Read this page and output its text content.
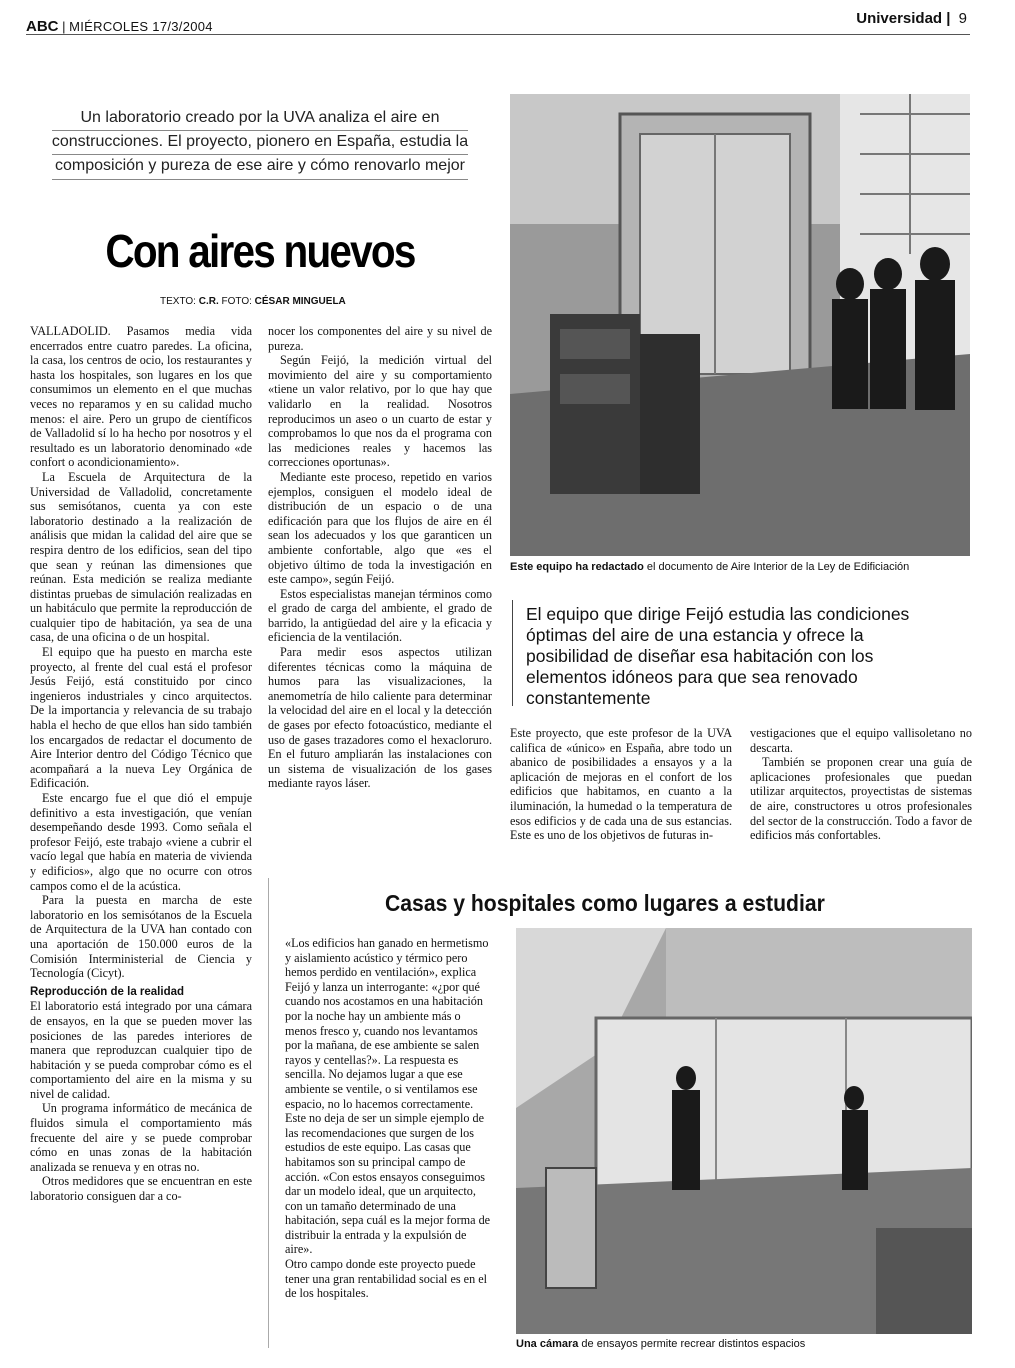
ABC | MIÉRCOLES 17/3/2004	Universidad | 9
Un laboratorio creado por la UVA analiza el aire en
construcciones. El proyecto, pionero en España, estudia la
composición y pureza de ese aire y cómo renovarlo mejor
Con aires nuevos
TEXTO: C.R. FOTO: CÉSAR MINGUELA

VALLADOLID. Pasamos media vida encerrados entre cuatro paredes. La oficina, la casa, los centros de ocio, los restaurantes y hasta los hospitales, son lugares en los que consumimos un elemento en el que muchas veces no reparamos y en su calidad mucho menos: el aire. Pero un grupo de científicos de Valladolid sí lo ha hecho por nosotros y el resultado es un laboratorio denominado «de confort o acondicionamiento».

La Escuela de Arquitectura de la Universidad de Valladolid, concretamente sus semisótanos, cuenta ya con este laboratorio destinado a la realización de análisis que midan la calidad del aire que se respira dentro de los edificios, sean del tipo que sean y reúnan las dimensiones que reúnan. Esta medición se realiza mediante distintas pruebas de simulación realizadas en un habitáculo que permite la reproducción de cualquier tipo de habitación, ya sea de una casa, de una oficina o de un hospital.

El equipo que ha puesto en marcha este proyecto, al frente del cual está el profesor Jesús Feijó, está constituido por cinco ingenieros industriales y cinco arquitectos. De la importancia y relevancia de su trabajo habla el hecho de que ellos han sido también los encargados de redactar el documento de Aire Interior dentro del Código Técnico que acompañará a la nueva Ley Orgánica de Edificación.

Este encargo fue el que dió el empuje definitivo a esta investigación, que venían desempeñando desde 1993. Como señala el profesor Feijó, este trabajo «viene a cubrir el vacío legal que había en materia de vivienda y edificios», algo que no ocurre con otros campos como el de la acústica.

Para la puesta en marcha de este laboratorio en los semisótanos de la Escuela de Arquitectura de la UVA han contado con una aportación de 150.000 euros de la Comisión Interministerial de Ciencia y Tecnología (Cicyt).

Reproducción de la realidad

El laboratorio está integrado por una cámara de ensayos, en la que se pueden mover las posiciones de las paredes interiores de manera que reproduzcan cualquier tipo de habitación y se pueda comprobar cómo es el comportamiento del aire en la misma y su nivel de calidad.

Un programa informático de mecánica de fluidos simula el comportamiento más frecuente del aire y se puede comprobar cómo en unas zonas de la habitación analizada se renueva y en otras no.

Otros medidores que se encuentran en este laboratorio consiguen dar a co-

nocer los componentes del aire y su nivel de pureza.

Según Feijó, la medición virtual del movimiento del aire y su comportamiento «tiene un valor relativo, por lo que hay que validarlo en la realidad. Nosotros reproducimos un aseo o un cuarto de estar y comprobamos lo que nos da el programa con las mediciones reales y hacemos las correcciones oportunas».

Mediante este proceso, repetido en varios ejemplos, consiguen el modelo ideal de distribución de un espacio o de una edificación para que los flujos de aire en él sean los adecuados y los que garanticen un ambiente confortable, algo que «es el objetivo último de toda la investigación en este campo», según Feijó.

Estos especialistas manejan términos como el grado de carga del ambiente, el grado de barrido, la antigüedad del aire y la eficacia y eficiencia de la ventilación.

Para medir esos aspectos utilizan diferentes técnicas como la máquina de humos para las visualizaciones, la anemometría de hilo caliente para determinar la velocidad del aire en el local y la detección de gases por efecto fotoacústico, mediante el uso de gases trazadores como el hexacloruro. En el futuro ampliarán las instalaciones con un sistema de visualización de los gases mediante rayos láser.

Este equipo ha redactado el documento de Aire Interior de la Ley de Edificiación
El equipo que dirige Feijó estudia las condiciones óptimas del aire de una estancia y ofrece la posibilidad de diseñar esa habitación con los elementos idóneos para que sea renovado constantemente

Este proyecto, que este profesor de la UVA califica de «único» en España, abre todo un abanico de posibilidades a ensayos y a la aplicación de mejoras en el confort de los edificios que habitamos, en cuanto a la iluminación, la humedad o la temperatura de esos edificios y de cada una de sus estancias. Este es uno de los objetivos de futuras in-

vestigaciones que el equipo vallisoletano no descarta.

También se proponen crear una guía de aplicaciones profesionales que puedan utilizar arquitectos, proyectistas de sistemas de aire, constructores u otros profesionales del sector de la construcción. Todo a favor de edificios más confortables.

Casas y hospitales como lugares a estudiar

«Los edificios han ganado en hermetismo y aislamiento acústico y térmico pero hemos perdido en ventilación», explica Feijó y lanza un interrogante: «¿por qué cuando nos acostamos en una habitación por la noche hay un ambiente más o menos fresco y, cuando nos levantamos por la mañana, de ese ambiente se salen rayos y centellas?». La respuesta es sencilla. No dejamos lugar a que ese ambiente se ventile, o si ventilamos ese espacio, no lo hacemos correctamente. Este no deja de ser un simple ejemplo de las recomendaciones que surgen de los estudios de este equipo. Las casas que habitamos son su principal campo de acción. «Con estos ensayos conseguimos dar un modelo ideal, que un arquitecto, con un tamaño determinado de una habitación, sepa cuál es la mejor forma de distribuir la entrada y la expulsión de aire».

Otro campo donde este proyecto puede tener una gran rentabilidad social es en el de los hospitales.

Una cámara de ensayos permite recrear distintos espacios
